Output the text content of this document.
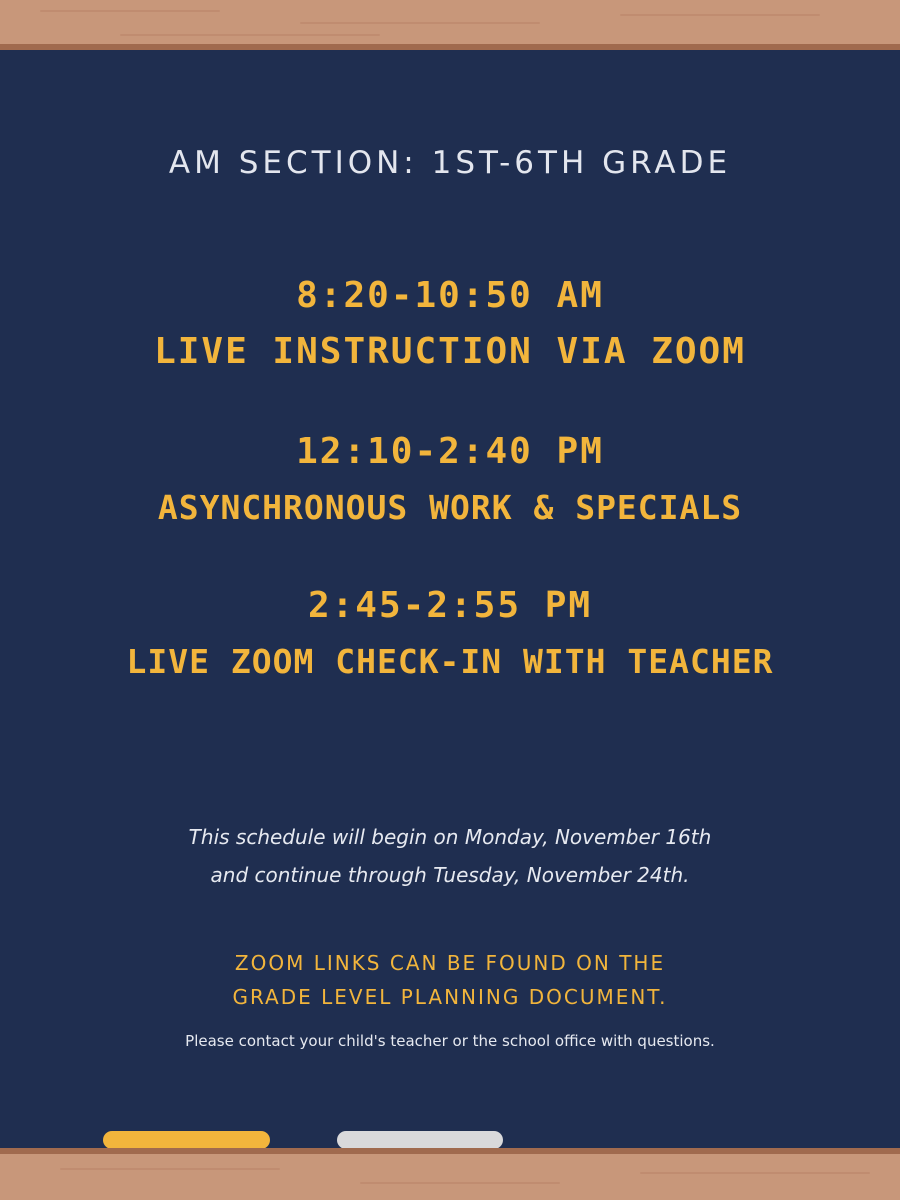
AM SECTION: 1ST-6TH GRADE
8:20-10:50 AM
LIVE INSTRUCTION VIA ZOOM
12:10-2:40 PM
ASYNCHRONOUS WORK & SPECIALS
2:45-2:55 PM
LIVE ZOOM CHECK-IN WITH TEACHER
This schedule will begin on Monday, November 16th
and continue through Tuesday, November 24th.
ZOOM LINKS CAN BE FOUND ON THE
GRADE LEVEL PLANNING DOCUMENT.
Please contact your child's teacher or the school office with questions.
